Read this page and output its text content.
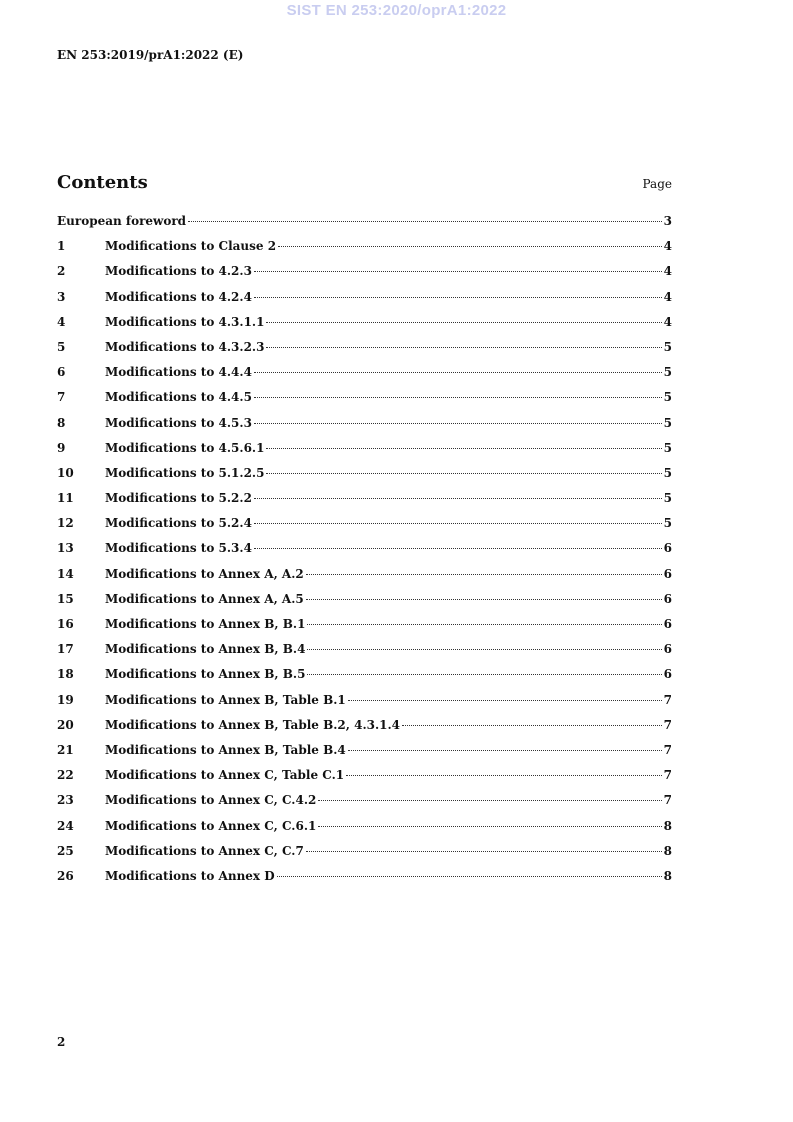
SIST EN 253:2020/oprA1:2022
EN 253:2019/prA1:2022 (E)
Contents	Page
European foreword	3
1	Modifications to Clause 2	4
2	Modifications to 4.2.3	4
3	Modifications to 4.2.4	4
4	Modifications to 4.3.1.1	4
5	Modifications to 4.3.2.3	5
6	Modifications to 4.4.4	5
7	Modifications to 4.4.5	5
8	Modifications to 4.5.3	5
9	Modifications to 4.5.6.1	5
10	Modifications to 5.1.2.5	5
11	Modifications to 5.2.2	5
12	Modifications to 5.2.4	5
13	Modifications to 5.3.4	6
14	Modifications to Annex A, A.2	6
15	Modifications to Annex A, A.5	6
16	Modifications to Annex B, B.1	6
17	Modifications to Annex B, B.4	6
18	Modifications to Annex B, B.5	6
19	Modifications to Annex B, Table B.1	7
20	Modifications to Annex B, Table B.2, 4.3.1.4	7
21	Modifications to Annex B, Table B.4	7
22	Modifications to Annex C, Table C.1	7
23	Modifications to Annex C, C.4.2	7
24	Modifications to Annex C, C.6.1	8
25	Modifications to Annex C, C.7	8
26	Modifications to Annex D	8
2
